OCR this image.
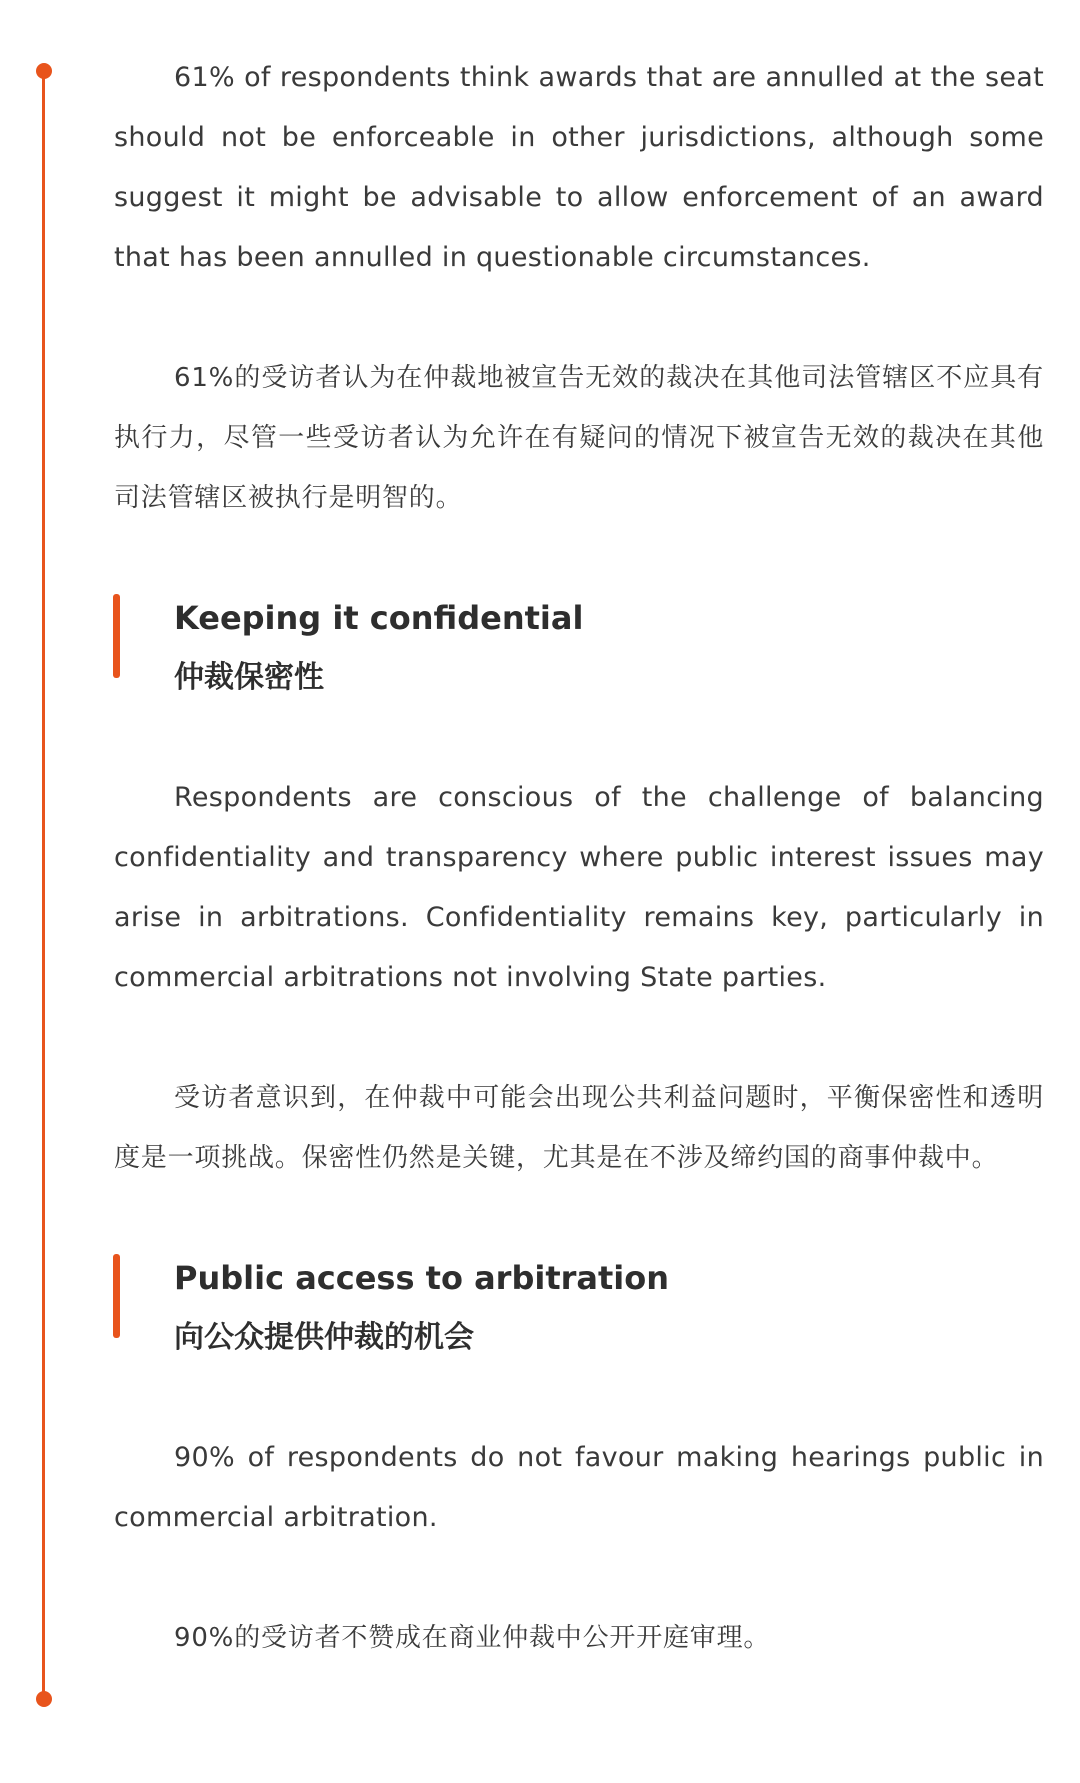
61% of respondents think awards that are annulled at the seat should not be enforceable in other jurisdictions, although some suggest it might be advisable to allow enforcement of an award that has been annulled in questionable circumstances.

61%的受访者认为在仲裁地被宣告无效的裁决在其他司法管辖区不应具有执行力，尽管一些受访者认为允许在有疑问的情况下被宣告无效的裁决在其他司法管辖区被执行是明智的。

Keeping it confidential
仲裁保密性

Respondents are conscious of the challenge of balancing confidentiality and transparency where public interest issues may arise in arbitrations. Confidentiality remains key, particularly in commercial arbitrations not involving State parties.

受访者意识到，在仲裁中可能会出现公共利益问题时，平衡保密性和透明度是一项挑战。保密性仍然是关键，尤其是在不涉及缔约国的商事仲裁中。

Public access to arbitration
向公众提供仲裁的机会

90% of respondents do not favour making hearings public in commercial arbitration.

90%的受访者不赞成在商业仲裁中公开开庭审理。
